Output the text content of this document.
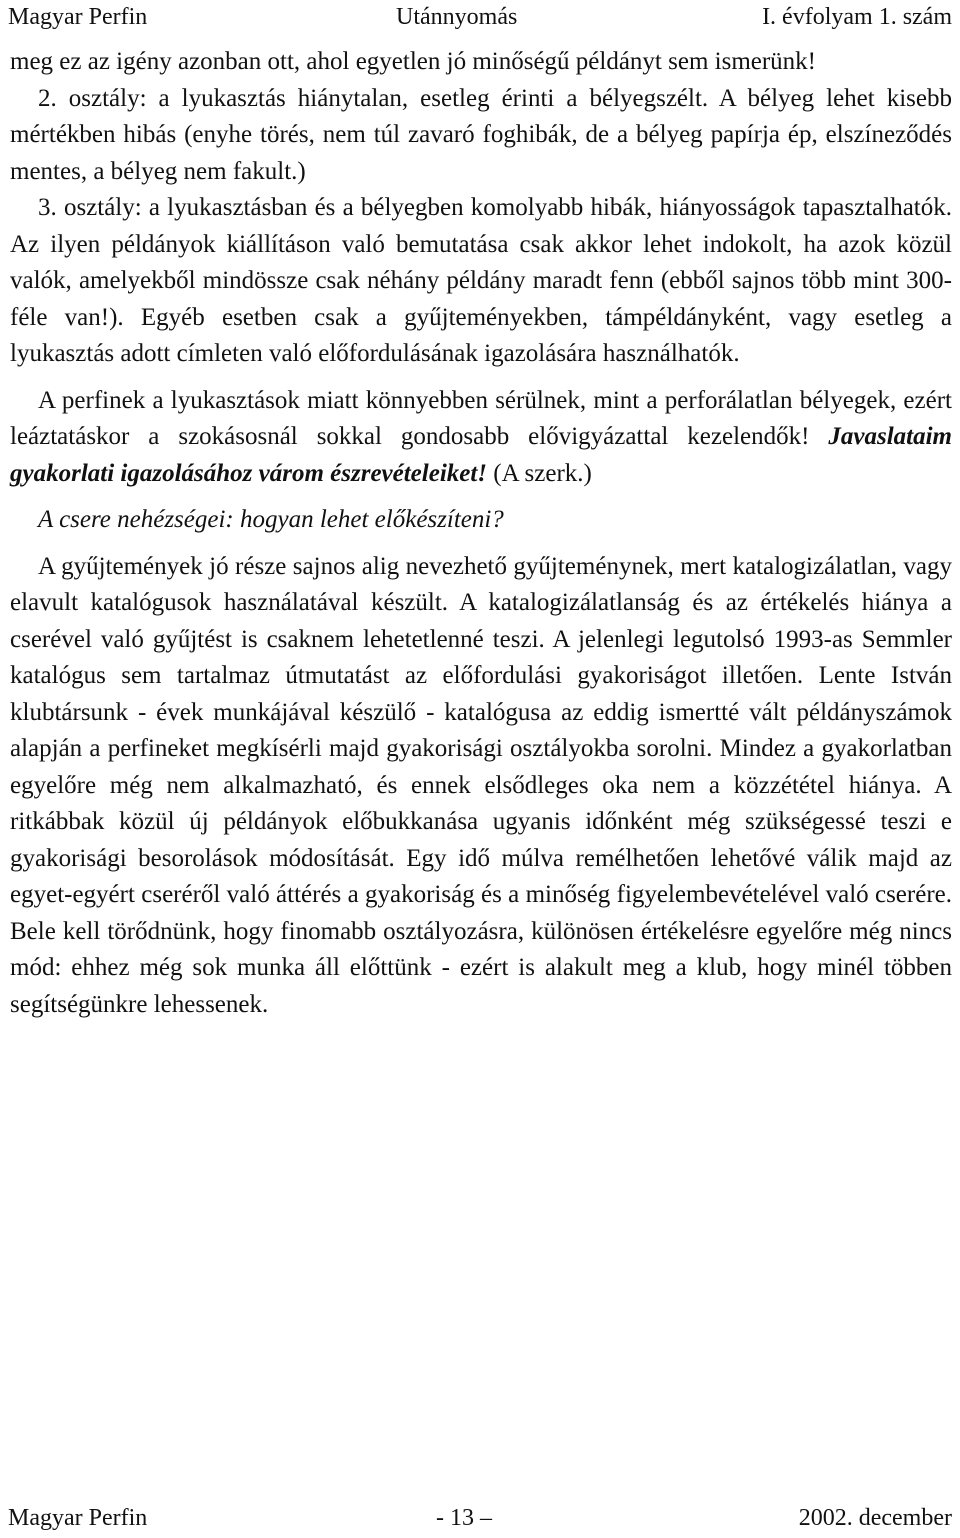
Magyar Perfin	Utánnyomás	I. évfolyam 1. szám

meg ez az igény azonban ott, ahol egyetlen jó minőségű példányt sem ismerünk!

2. osztály: a lyukasztás hiánytalan, esetleg érinti a bélyegszélt. A bélyeg lehet kisebb mértékben hibás (enyhe törés, nem túl zavaró foghibák, de a bélyeg papírja ép, elszíneződés mentes, a bélyeg nem fakult.)

3. osztály: a lyukasztásban és a bélyegben komolyabb hibák, hiányosságok tapasztalhatók. Az ilyen példányok kiállításon való bemutatása csak akkor lehet indokolt, ha azok közül valók, amelyekből mindössze csak néhány példány maradt fenn (ebből sajnos több mint 300-féle van!). Egyéb esetben csak a gyűjteményekben, támpéldányként, vagy esetleg a lyukasztás adott címleten való előfordulásának igazolására használhatók.

A perfinek a lyukasztások miatt könnyebben sérülnek, mint a perforálatlan bélyegek, ezért leáztatáskor a szokásosnál sokkal gondosabb elővigyázattal kezelendők! Javaslataim gyakorlati igazolásához várom észrevételeiket! (A szerk.)

A csere nehézségei: hogyan lehet előkészíteni?

A gyűjtemények jó része sajnos alig nevezhető gyűjteménynek, mert katalogizálatlan, vagy elavult katalógusok használatával készült. A katalogizálatlanság és az értékelés hiánya a cserével való gyűjtést is csaknem lehetetlenné teszi. A jelenlegi legutolsó 1993-as Semmler katalógus sem tartalmaz útmutatást az előfordulási gyakoriságot illetően. Lente István klubtársunk - évek munkájával készülő - katalógusa az eddig ismertté vált példányszámok alapján a perfineket megkísérli majd gyakorisági osztályokba sorolni. Mindez a gyakorlatban egyelőre még nem alkalmazható, és ennek elsődleges oka nem a közzététel hiánya. A ritkábbak közül új példányok előbukkanása ugyanis időnként még szükségessé teszi e gyakorisági besorolások módosítását. Egy idő múlva remélhetően lehetővé válik majd az egyet-egyért cseréről való áttérés a gyakoriság és a minőség figyelembevételével való cserére. Bele kell törődnünk, hogy finomabb osztályozásra, különösen értékelésre egyelőre még nincs mód: ehhez még sok munka áll előttünk - ezért is alakult meg a klub, hogy minél többen segítségünkre lehessenek.

Magyar Perfin	- 13 –	2002. december
